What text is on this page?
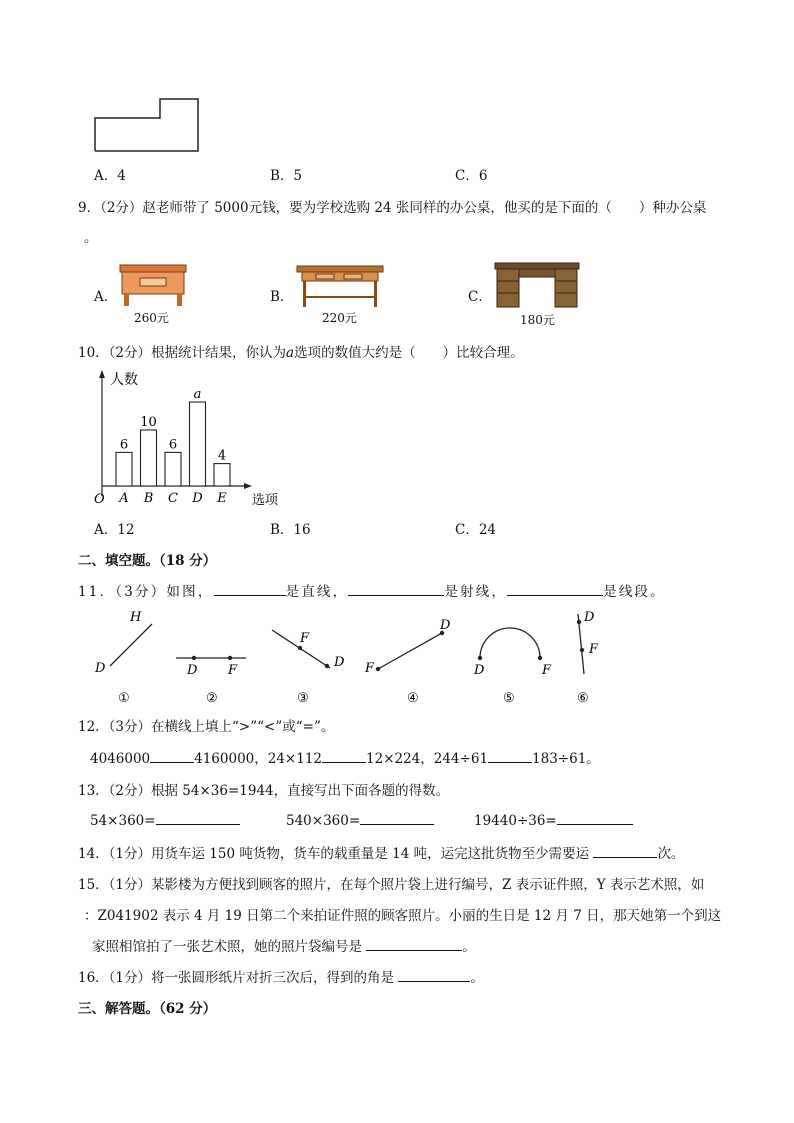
A．4	B．5	C．6
9．（2分）赵老师带了 5000元钱，要为学校选购 24 张同样的办公桌，他买的是下面的（　　）种办公桌
。
A．
260元
B．
220元
C．
180元
10．（2分）根据统计结果，你认为a选项的数值大约是（　　）比较合理。
人数
选项
O
6
A
10
B
6
C
a
D
4
E
A．12	B．16	C．24
二、填空题。（18 分）
11．（3分）如图，	是直线，	是射线，	是线段。
H
D
①
D F
②
F
D
③
D
F
④
D	F
⑤
D
F
⑥
12．（3分）在横线上填上“>”“<”或“=”。
4046000	4160000，24×112	12×224，244÷61	183÷61。
13．（2分）根据 54×36=1944，直接写出下面各题的得数。
54×360=	540×360=	19440÷36=
14．（1分）用货车运 150 吨货物，货车的载重量是 14 吨，运完这批货物至少需要运	次。
15．（1分）某影楼为方便找到顾客的照片，在每个照片袋上进行编号，Z 表示证件照，Y 表示艺术照，如
：Z041902 表示 4 月 19 日第二个来拍证件照的顾客照片。小丽的生日是 12 月 7 日，那天她第一个到这
家照相馆拍了一张艺术照，她的照片袋编号是	。
16．（1分）将一张圆形纸片对折三次后，得到的角是	。
三、解答题。（62 分）
